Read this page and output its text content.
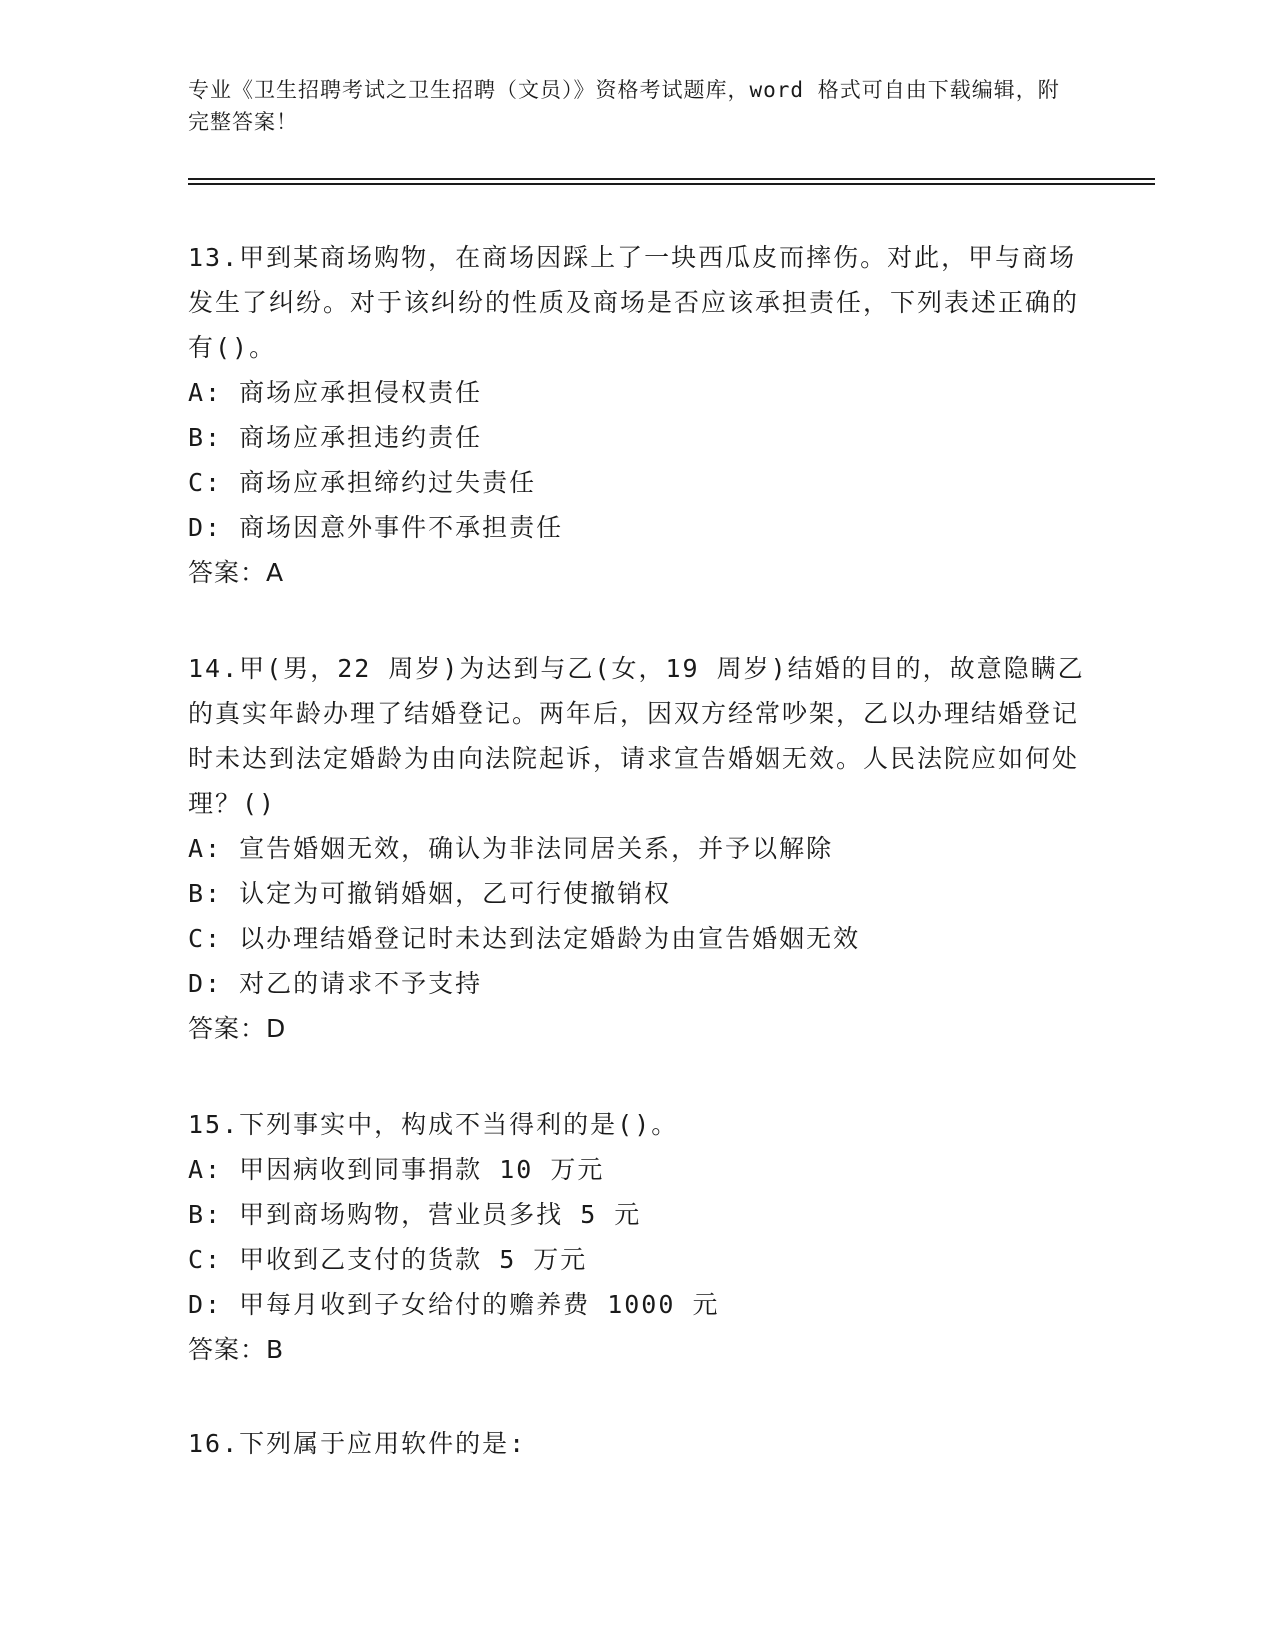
专业《卫生招聘考试之卫生招聘（文员）》资格考试题库，word 格式可自由下载编辑，附完整答案！

13.甲到某商场购物，在商场因踩上了一块西瓜皮而摔伤。对此，甲与商场发生了纠纷。对于该纠纷的性质及商场是否应该承担责任，下列表述正确的有()。

A: 商场应承担侵权责任

B: 商场应承担违约责任

C: 商场应承担缔约过失责任

D: 商场因意外事件不承担责任

答案：A

14.甲(男，22 周岁)为达到与乙(女，19 周岁)结婚的目的，故意隐瞒乙的真实年龄办理了结婚登记。两年后，因双方经常吵架，乙以办理结婚登记时未达到法定婚龄为由向法院起诉，请求宣告婚姻无效。人民法院应如何处理？()

A: 宣告婚姻无效，确认为非法同居关系，并予以解除

B: 认定为可撤销婚姻，乙可行使撤销权

C: 以办理结婚登记时未达到法定婚龄为由宣告婚姻无效

D: 对乙的请求不予支持

答案：D

15.下列事实中，构成不当得利的是()。

A: 甲因病收到同事捐款 10 万元

B: 甲到商场购物，营业员多找 5 元

C: 甲收到乙支付的货款 5 万元

D: 甲每月收到子女给付的赡养费 1000 元

答案：B

16.下列属于应用软件的是:
